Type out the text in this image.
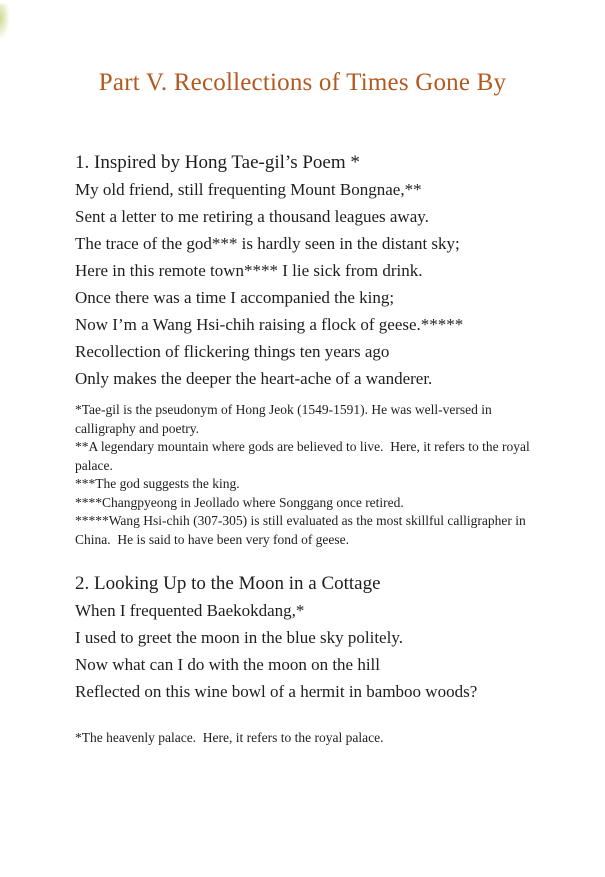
Part V. Recollections of Times Gone By
1. Inspired by Hong Tae-gil’s Poem *
My old friend, still frequenting Mount Bongnae,**
Sent a letter to me retiring a thousand leagues away.
The trace of the god*** is hardly seen in the distant sky;
Here in this remote town**** I lie sick from drink.
Once there was a time I accompanied the king;
Now I’m a Wang Hsi-chih raising a flock of geese.*****
Recollection of flickering things ten years ago
Only makes the deeper the heart-ache of a wanderer.

*Tae-gil is the pseudonym of Hong Jeok (1549-1591). He was well-versed in calligraphy and poetry.

**A legendary mountain where gods are believed to live.  Here, it refers to the royal palace.

***The god suggests the king.

****Changpyeong in Jeollado where Songgang once retired.

*****Wang Hsi-chih (307-305) is still evaluated as the most skillful calligrapher in China.  He is said to have been very fond of geese.

2. Looking Up to the Moon in a Cottage
When I frequented Baekokdang,*
I used to greet the moon in the blue sky politely.
Now what can I do with the moon on the hill
Reflected on this wine bowl of a hermit in bamboo woods?

*The heavenly palace.  Here, it refers to the royal palace.
